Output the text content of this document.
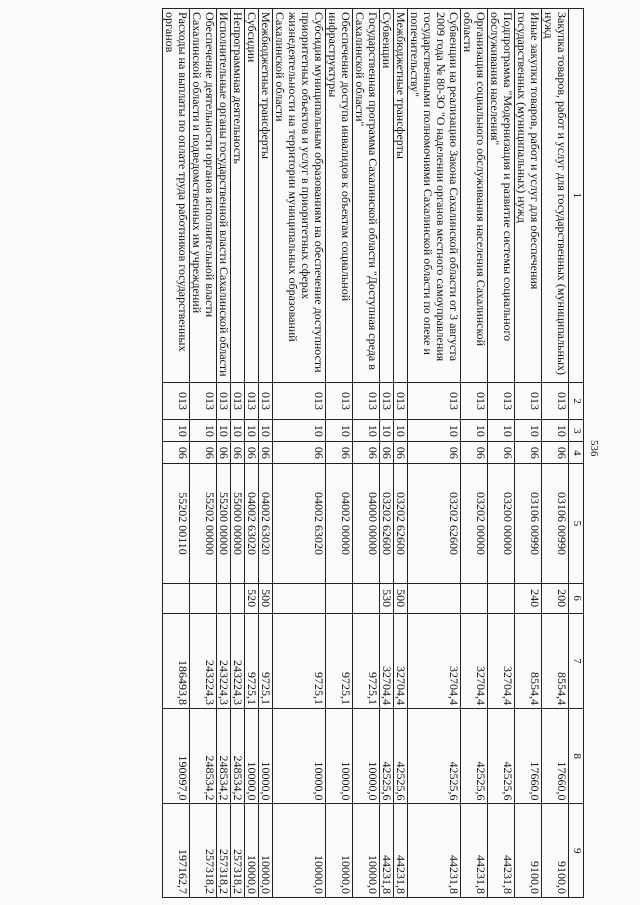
536
1	2	3	4	5	6	7	8	9
Закупка товаров, работ и услуг для государственных (муниципальных) нужд	013	10	06	03106 00990	200	8554,4	17660,0	9100,0
Иные закупки товаров, работ и услуг для обеспечения государственных (муниципальных) нужд	013	10	06	03106 00990	240	8554,4	17660,0	9100,0
Подпрограмма "Модернизация и развитие системы социального обслуживания населения"	013	10	06	03200 00000		32704,4	42525,6	44231,8
Организация социального обслуживания населения Сахалинской области	013	10	06	03202 00000		32704,4	42525,6	44231,8
Субвенции на реализацию Закона Сахалинской области от 3 августа 2009 года № 80-ЗО "О наделении органов местного самоуправления государственными полномочиями Сахалинской области по опеке и попечительству"	013	10	06	03202 62600		32704,4	42525,6	44231,8
Межбюджетные трансферты	013	10	06	03202 62600	500	32704,4	42525,6	44231,8
Субвенции	013	10	06	03202 62600	530	32704,4	42525,6	44231,8
Государственная программа Сахалинской области "Доступная среда в Сахалинской области"	013	10	06	04000 00000		9725,1	10000,0	10000,0
Обеспечение доступа инвалидов к объектам социальной инфраструктуры	013	10	06	04002 00000		9725,1	10000,0	10000,0
Субсидия муниципальным образованиям на обеспечение доступности приоритетных объектов и услуг в приоритетных сферах жизнедеятельности на территории муниципальных образований Сахалинской области	013	10	06	04002 63020		9725,1	10000,0	10000,0
Межбюджетные трансферты	013	10	06	04002 63020	500	9725,1	10000,0	10000,0
Субсидии	013	10	06	04002 63020	520	9725,1	10000,0	10000,0
Непрограммная деятельность	013	10	06	55000 00000		243224,3	248534,2	257318,2
Исполнительные органы государственной власти Сахалинской области	013	10	06	55200 00000		243224,3	248534,2	257318,2
Обеспечение деятельности органов исполнительной власти Сахалинской области и подведомственных им учреждений	013	10	06	55202 00000		243224,3	248534,2	257318,2
Расходы на выплаты по оплате труда работников государственных органов	013	10	06	55202 00110		186493,8	190097,0	197162,7
